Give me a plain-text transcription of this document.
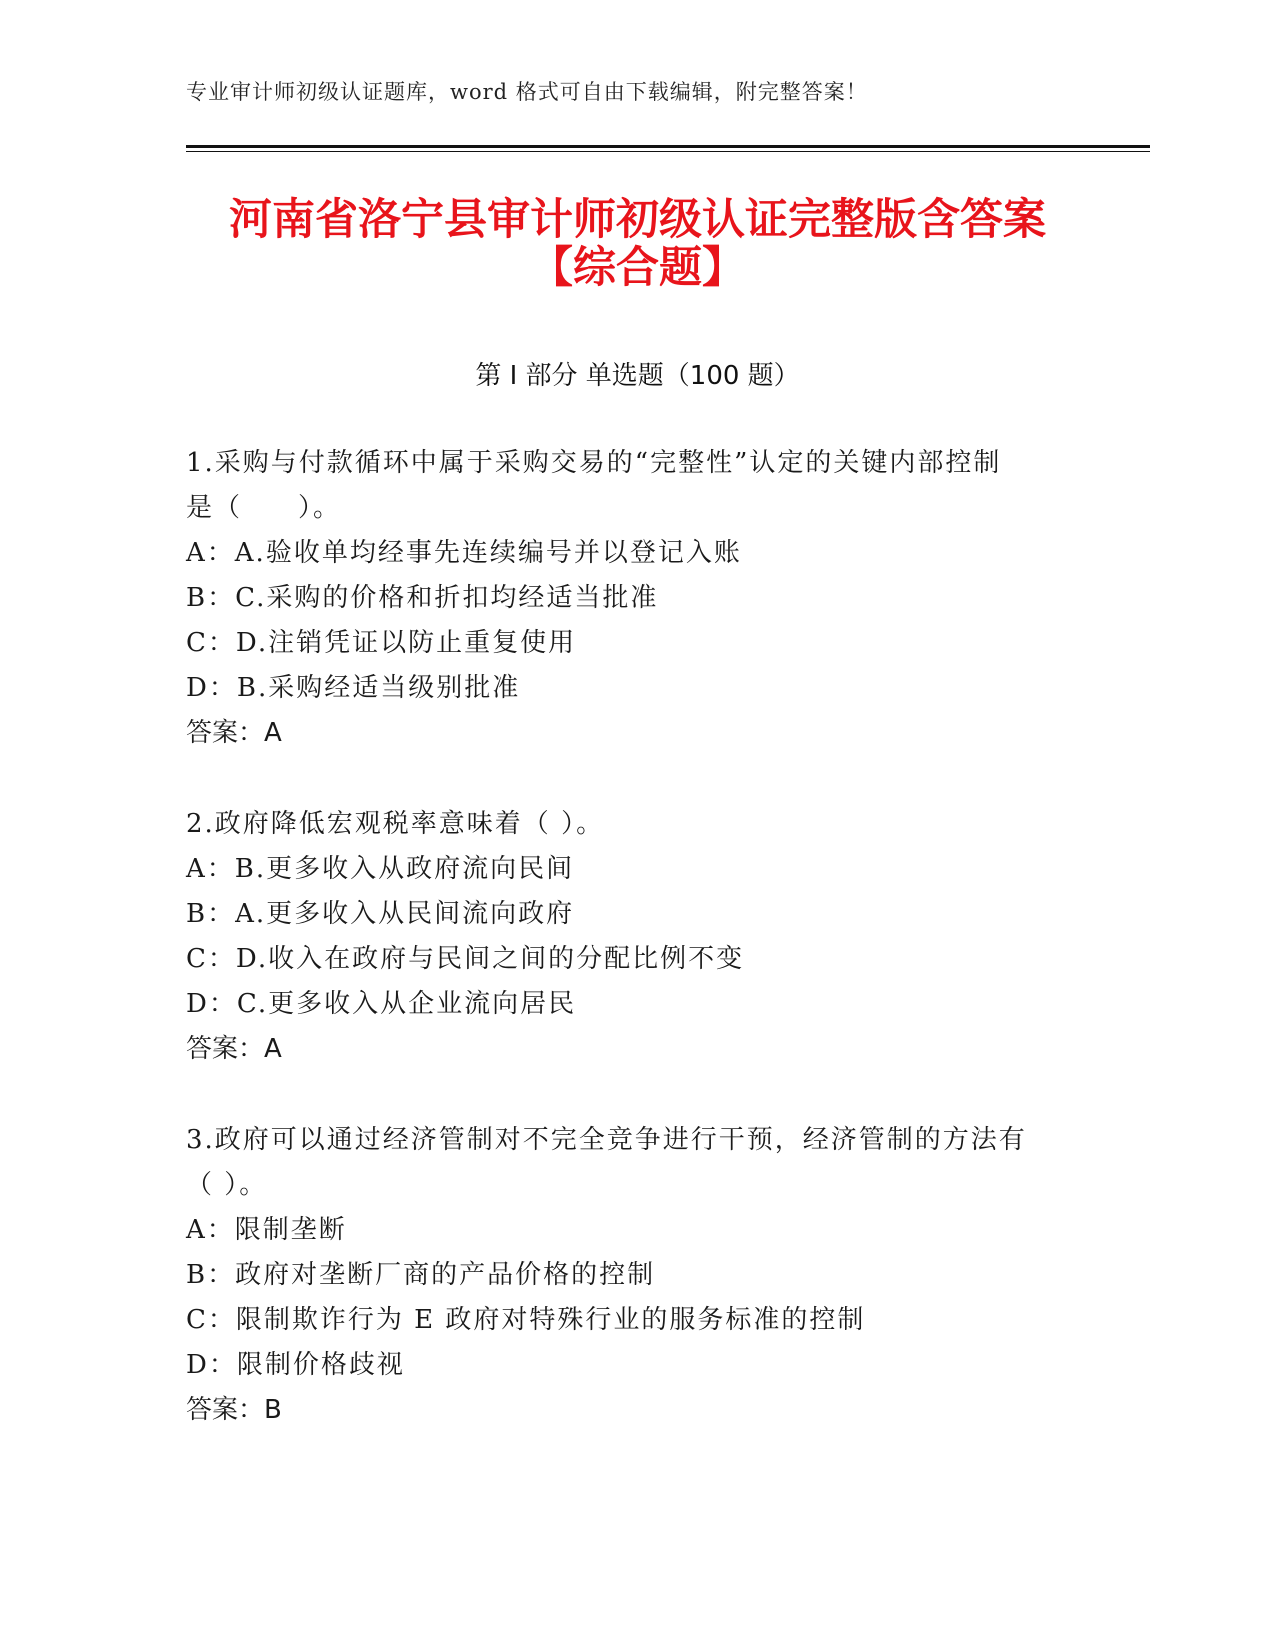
专业审计师初级认证题库，word 格式可自由下载编辑，附完整答案！
河南省洛宁县审计师初级认证完整版含答案
【综合题】
第 I 部分 单选题（100 题）
1.采购与付款循环中属于采购交易的“完整性”认定的关键内部控制
是（　　）。
A：A.验收单均经事先连续编号并以登记入账
B：C.采购的价格和折扣均经适当批准
C：D.注销凭证以防止重复使用
D：B.采购经适当级别批准
答案：A
2.政府降低宏观税率意味着（ ）。
A：B.更多收入从政府流向民间
B：A.更多收入从民间流向政府
C：D.收入在政府与民间之间的分配比例不变
D：C.更多收入从企业流向居民
答案：A
3.政府可以通过经济管制对不完全竞争进行干预，经济管制的方法有
（ ）。
A：限制垄断
B：政府对垄断厂商的产品价格的控制
C：限制欺诈行为 E 政府对特殊行业的服务标准的控制
D：限制价格歧视
答案：B
